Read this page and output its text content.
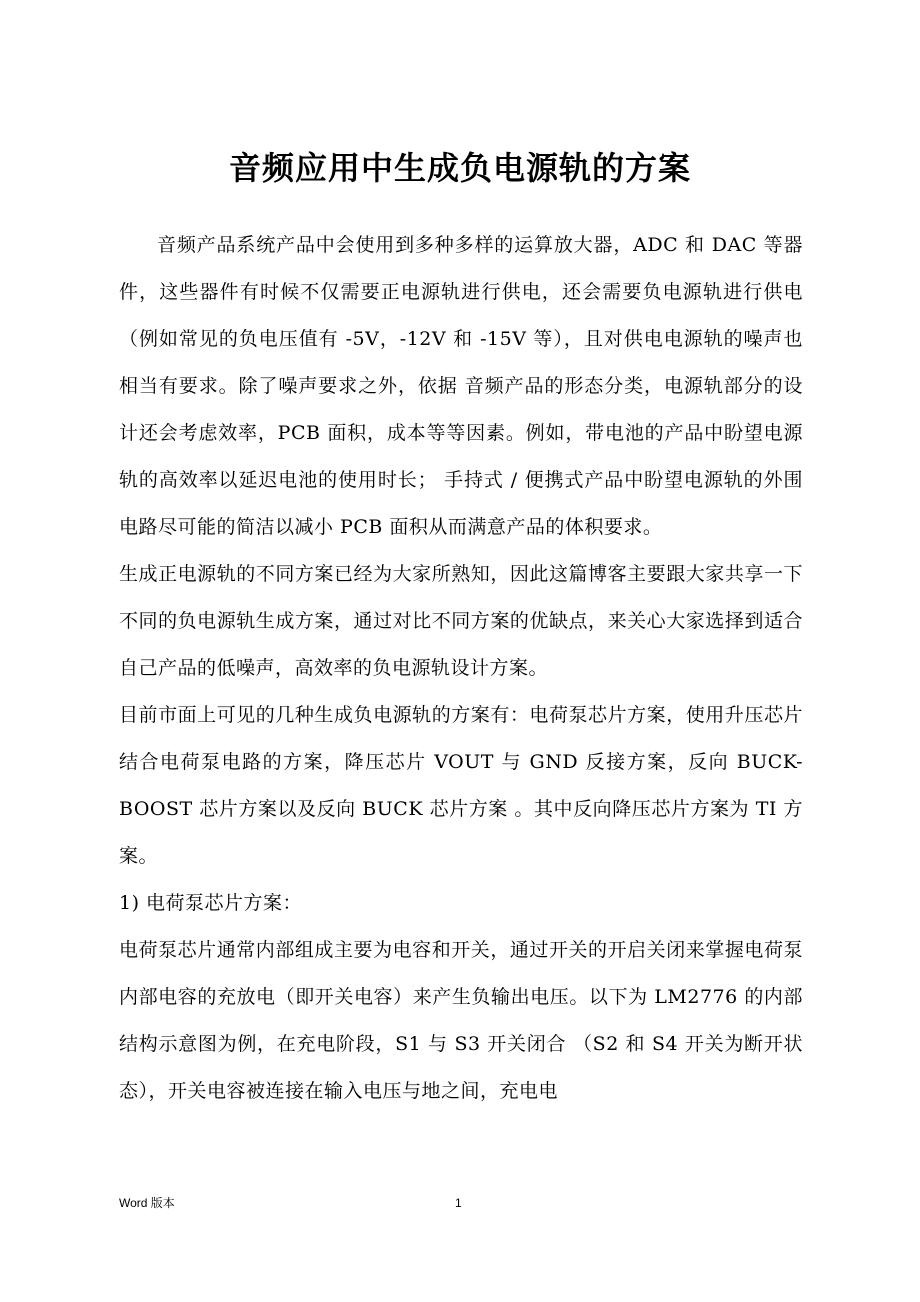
音频应用中生成负电源轨的方案

音频产品系统产品中会使用到多种多样的运算放大器，ADC 和 DAC 等器件，这些器件有时候不仅需要正电源轨进行供电，还会需要负电源轨进行供电（例如常见的负电压值有 -5V，-12V 和 -15V 等），且对供电电源轨的噪声也相当有要求。除了噪声要求之外，依据 音频产品的形态分类，电源轨部分的设计还会考虑效率，PCB 面积，成本等等因素。例如，带电池的产品中盼望电源轨的高效率以延迟电池的使用时长； 手持式 / 便携式产品中盼望电源轨的外围电路尽可能的简洁以减小 PCB 面积从而满意产品的体积要求。

生成正电源轨的不同方案已经为大家所熟知，因此这篇博客主要跟大家共享一下不同的负电源轨生成方案，通过对比不同方案的优缺点，来关心大家选择到适合自己产品的低噪声，高效率的负电源轨设计方案。

目前市面上可见的几种生成负电源轨的方案有：电荷泵芯片方案，使用升压芯片结合电荷泵电路的方案，降压芯片 VOUT 与 GND 反接方案，反向 BUCK-BOOST 芯片方案以及反向 BUCK 芯片方案 。其中反向降压芯片方案为 TI 方案。

1) 电荷泵芯片方案：

电荷泵芯片通常内部组成主要为电容和开关，通过开关的开启关闭来掌握电荷泵内部电容的充放电（即开关电容）来产生负输出电压。以下为 LM2776 的内部结构示意图为例，在充电阶段，S1 与 S3 开关闭合 （S2 和 S4 开关为断开状态），开关电容被连接在输入电压与地之间，充电电

Word 版本	1
